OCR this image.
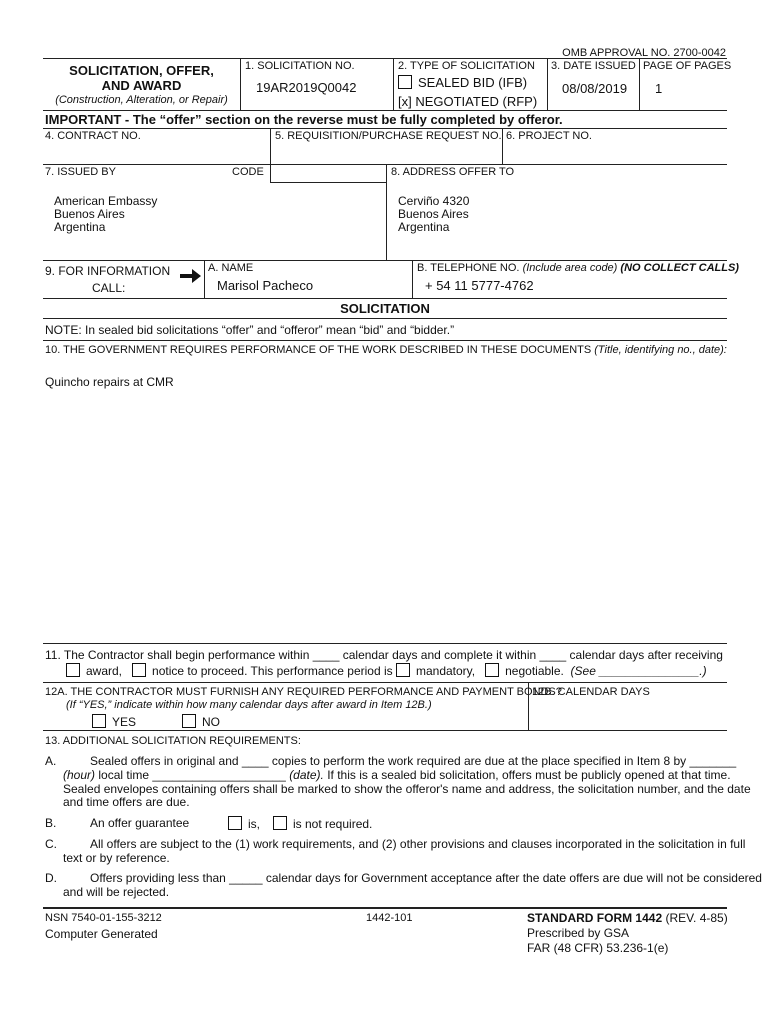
OMB APPROVAL NO. 2700-0042
SOLICITATION, OFFER,
AND AWARD
(Construction, Alteration, or Repair)
1. SOLICITATION NO.
19AR2019Q0042
2. TYPE OF SOLICITATION
SEALED BID (IFB)
[x] NEGOTIATED (RFP)
3. DATE ISSUED
08/08/2019
PAGE OF PAGES
1
IMPORTANT - The “offer” section on the reverse must be fully completed by offeror.
4. CONTRACT NO.	5. REQUISITION/PURCHASE REQUEST NO. 6. PROJECT NO.
7. ISSUED BY	CODE	8. ADDRESS OFFER TO
American Embassy
Buenos Aires
Argentina
Cerviño 4320
Buenos Aires
Argentina
9. FOR INFORMATION
CALL:
A. NAME
Marisol Pacheco
B. TELEPHONE NO. (Include area code) (NO COLLECT CALLS)
+ 54 11 5777-4762
SOLICITATION
NOTE: In sealed bid solicitations “offer” and “offeror” mean “bid” and “bidder.”
10. THE GOVERNMENT REQUIRES PERFORMANCE OF THE WORK DESCRIBED IN THESE DOCUMENTS (Title, identifying no., date):
Quincho repairs at CMR
11. The Contractor shall begin performance within ____ calendar days and complete it within ____ calendar days after receiving
award,	notice to proceed. This performance period is mandatory,	negotiable. (See _______________.)
12A. THE CONTRACTOR MUST FURNISH ANY REQUIRED PERFORMANCE AND PAYMENT BONDS?
(If “YES,” indicate within how many calendar days after award in Item 12B.)
YES	NO
12B. CALENDAR DAYS
13. ADDITIONAL SOLICITATION REQUIREMENTS:
A.	Sealed offers in original and ____ copies to perform the work required are due at the place specified in Item 8 by _______
(hour) local time ____________________ (date). If this is a sealed bid solicitation, offers must be publicly opened at that time.
Sealed envelopes containing offers shall be marked to show the offeror's name and address, the solicitation number, and the date
and time offers are due.
B.	An offer guarantee	is,	is not required.
C.	All offers are subject to the (1) work requirements, and (2) other provisions and clauses incorporated in the solicitation in full
text or by reference.
D.	Offers providing less than _____ calendar days for Government acceptance after the date offers are due will not be considered
and will be rejected.
NSN 7540-01-155-3212
Computer Generated
1442-101	STANDARD FORM 1442 (REV. 4-85)
Prescribed by GSA
FAR (48 CFR) 53.236-1(e)
